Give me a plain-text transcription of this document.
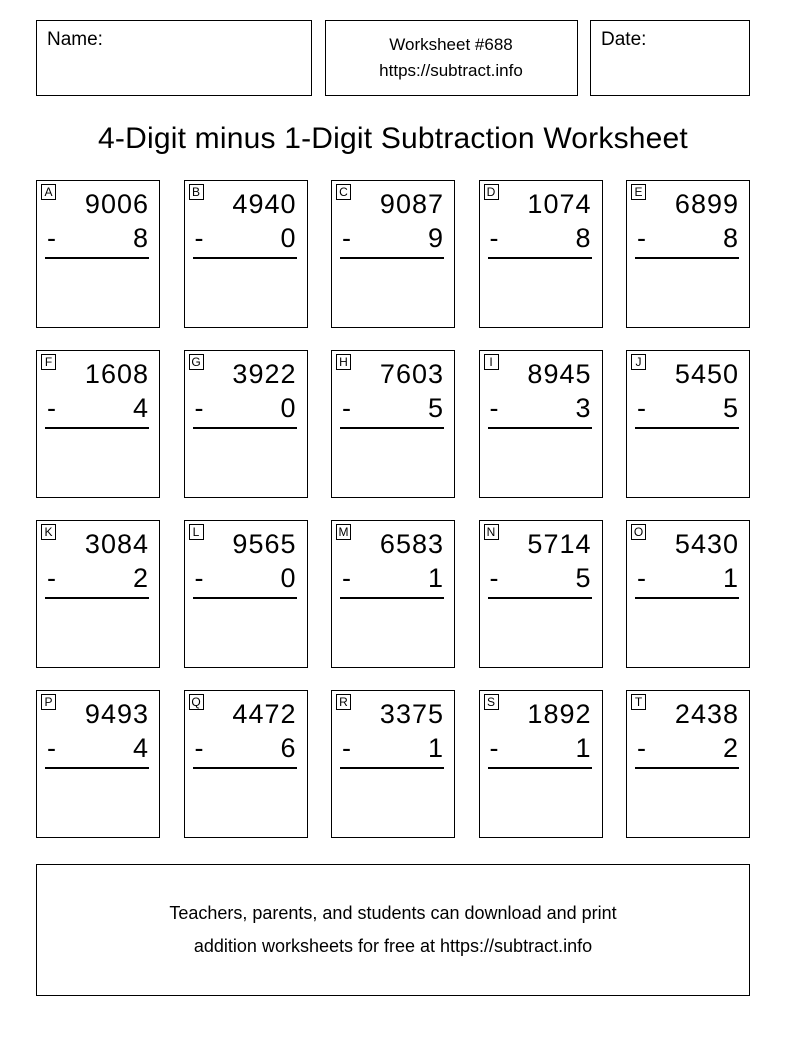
Name:	Worksheet #688
https://subtract.info
Date:
4-Digit minus 1-Digit Subtraction Worksheet
A	9006
-	8
B	4940
-	0
C	9087
-	9
D	1074
-	8
E	6899
-	8
F	1608
-	4
G	3922
-	0
H	7603
-	5
I	8945
-	3
J	5450
-	5
K	3084
-	2
L	9565
-	0
M	6583
-	1
N	5714
-	5
O	5430
-	1
P	9493
-	4
Q	4472
-	6
R	3375
-	1
S	1892
-	1
T	2438
-	2
Teachers, parents, and students can download and print
addition worksheets for free at https://subtract.info
